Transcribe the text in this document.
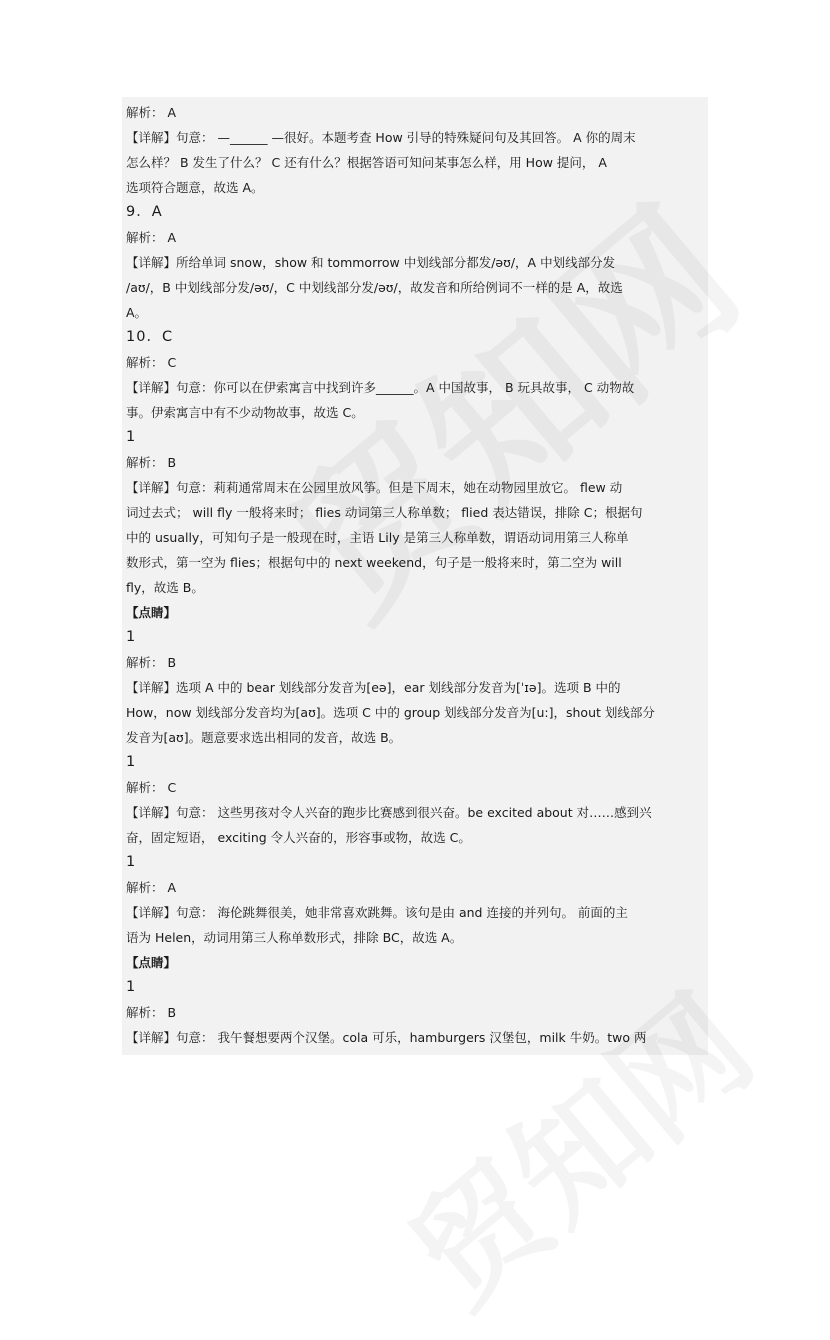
解析： A
【详解】句意： —______ —很好。本题考查 How 引导的特殊疑问句及其回答。 A 你的周末
怎么样？ B 发生了什么？ C 还有什么？根据答语可知问某事怎么样，用 How 提问， A
选项符合题意，故选 A。
9．A
解析： A
【详解】所给单词 snow，show 和 tommorrow 中划线部分都发/əʊ/，A 中划线部分发
/aʊ/，B 中划线部分发/əʊ/，C 中划线部分发/əʊ/，故发音和所给例词不一样的是 A，故选
A。
10．C
解析： C
【详解】句意：你可以在伊索寓言中找到许多______。A 中国故事， B 玩具故事， C 动物故
事。伊索寓言中有不少动物故事，故选 C。
1
解析： B
【详解】句意：莉莉通常周末在公园里放风筝。但是下周末，她在动物园里放它。 flew 动
词过去式； will fly 一般将来时； flies 动词第三人称单数； flied 表达错误，排除 C；根据句
中的 usually，可知句子是一般现在时，主语 Lily 是第三人称单数，谓语动词用第三人称单
数形式，第一空为 flies；根据句中的 next weekend，句子是一般将来时，第二空为 will
fly，故选 B。
【点睛】
1
解析： B
【详解】选项 A 中的 bear 划线部分发音为[eə]，ear 划线部分发音为[ˈɪə]。选项 B 中的
How，now 划线部分发音均为[aʊ]。选项 C 中的 group 划线部分发音为[u:]，shout 划线部分
发音为[aʊ]。题意要求选出相同的发音，故选 B。
1
解析： C
【详解】句意： 这些男孩对令人兴奋的跑步比赛感到很兴奋。be excited about 对……感到兴
奋，固定短语， exciting 令人兴奋的，形容事或物，故选 C。
1
解析： A
【详解】句意： 海伦跳舞很美，她非常喜欢跳舞。该句是由 and 连接的并列句。 前面的主
语为 Helen，动词用第三人称单数形式，排除 BC，故选 A。
【点睛】
1
解析： B
【详解】句意： 我午餐想要两个汉堡。cola 可乐，hamburgers 汉堡包，milk 牛奶。two 两
